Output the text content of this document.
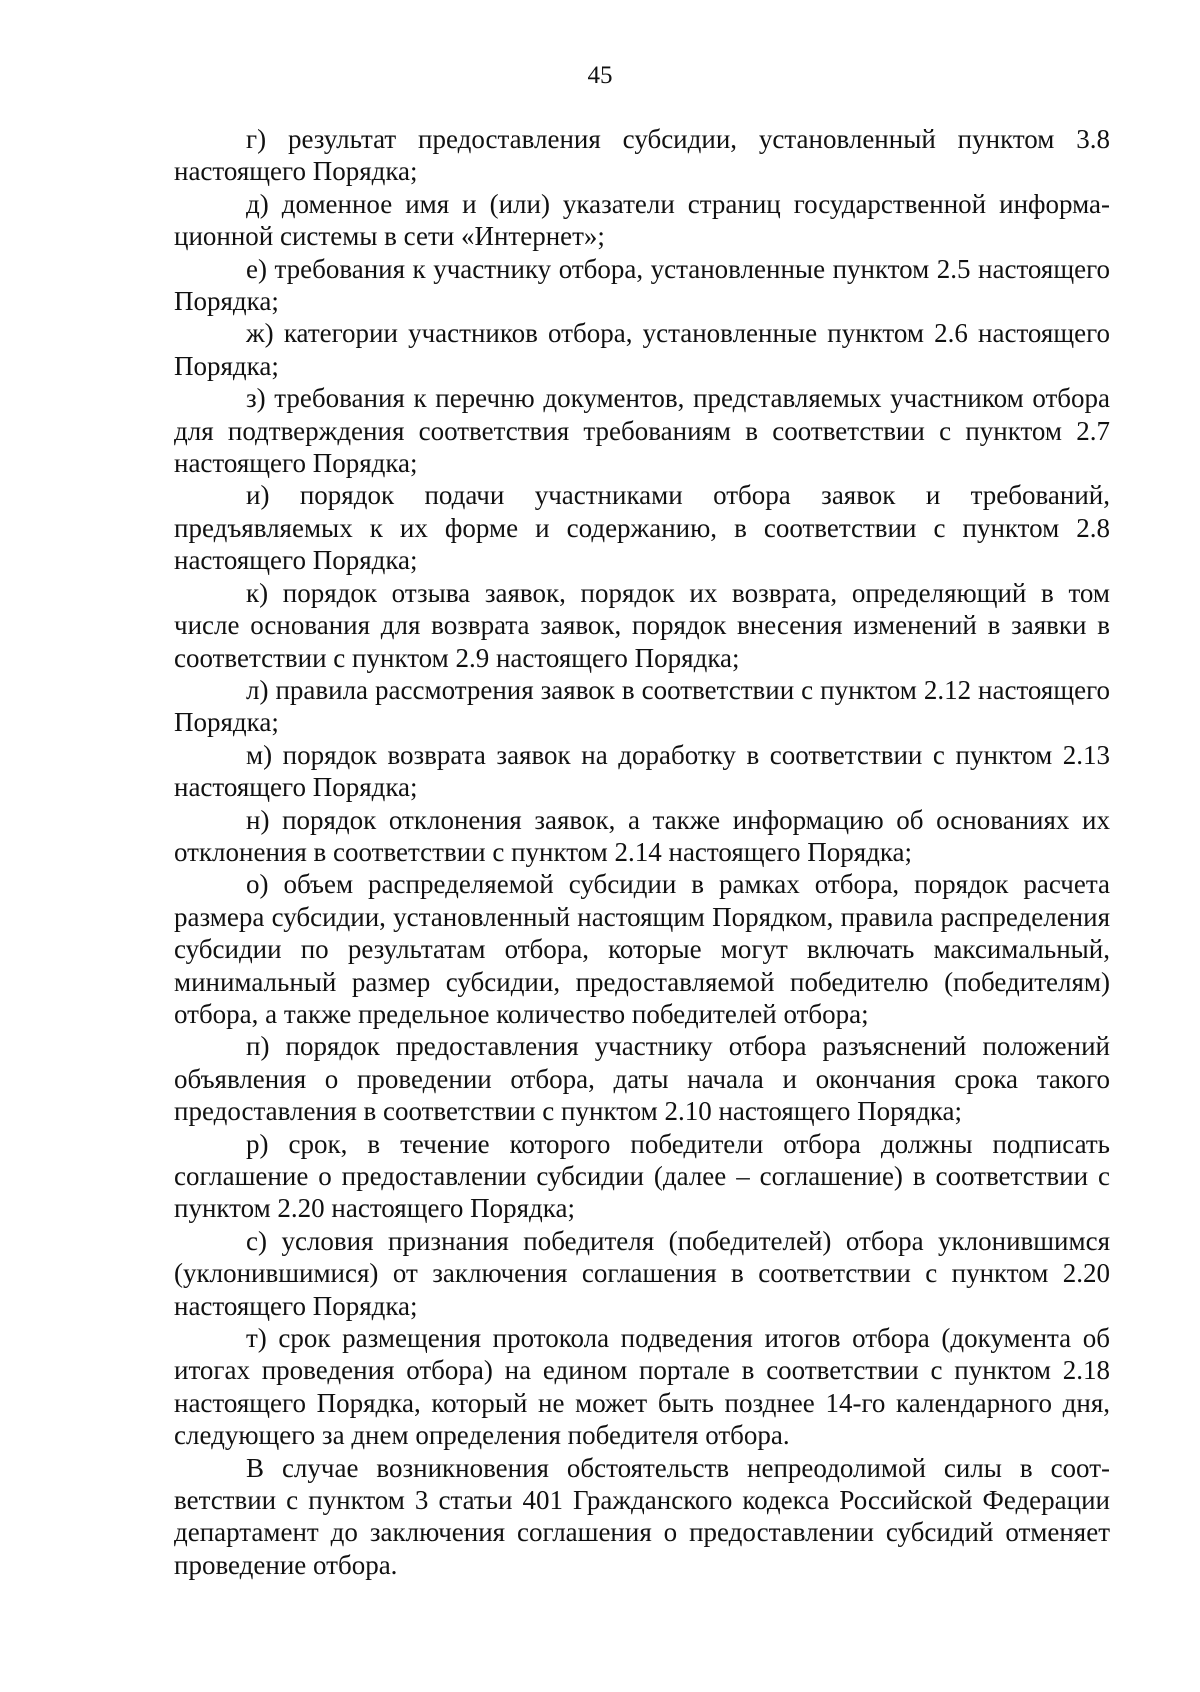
45

г) результат предоставления субсидии, установленный пунктом 3.8 настоящего Порядка;

д) доменное имя и (или) указатели страниц государственной информационной системы в сети «Интернет»;

е) требования к участнику отбора, установленные пунктом 2.5 настоящего Порядка;

ж) категории участников отбора, установленные пунктом 2.6 настоящего Порядка;

з) требования к перечню документов, представляемых участником отбора для подтверждения соответствия требованиям в соответствии с пунктом 2.7 настоящего Порядка;

и) порядок подачи участниками отбора заявок и требований, предъявляемых к их форме и содержанию, в соответствии с пунктом 2.8 настоящего Порядка;

к) порядок отзыва заявок, порядок их возврата, определяющий в том числе основания для возврата заявок, порядок внесения изменений в заявки в соответствии с пунктом 2.9 настоящего Порядка;

л) правила рассмотрения заявок в соответствии с пунктом 2.12 настоящего Порядка;

м) порядок возврата заявок на доработку в соответствии с пунктом 2.13 настоящего Порядка;

н) порядок отклонения заявок, а также информацию об основаниях их отклонения в соответствии с пунктом 2.14 настоящего Порядка;

о) объем распределяемой субсидии в рамках отбора, порядок расчета размера субсидии, установленный настоящим Порядком, правила распределения субсидии по результатам отбора, которые могут включать максимальный, минимальный размер субсидии, предоставляемой победителю (победителям) отбора, а также предельное количество победителей отбора;

п) порядок предоставления участнику отбора разъяснений положений объявления о проведении отбора, даты начала и окончания срока такого предоставления в соответствии с пунктом 2.10 настоящего Порядка;

р) срок, в течение которого победители отбора должны подписать соглашение о предоставлении субсидии (далее – соглашение) в соответствии с пунктом 2.20 настоящего Порядка;

с) условия признания победителя (победителей) отбора уклонившимся (уклонившимися) от заключения соглашения в соответствии с пунктом 2.20 настоящего Порядка;

т) срок размещения протокола подведения итогов отбора (документа об итогах проведения отбора) на едином портале в соответствии с пунктом 2.18 настоящего Порядка, который не может быть позднее 14-го календарного дня, следующего за днем определения победителя отбора.

В случае возникновения обстоятельств непреодолимой силы в соответствии с пунктом 3 статьи 401 Гражданского кодекса Российской Федерации департамент до заключения соглашения о предоставлении субсидий отменяет проведение отбора.
